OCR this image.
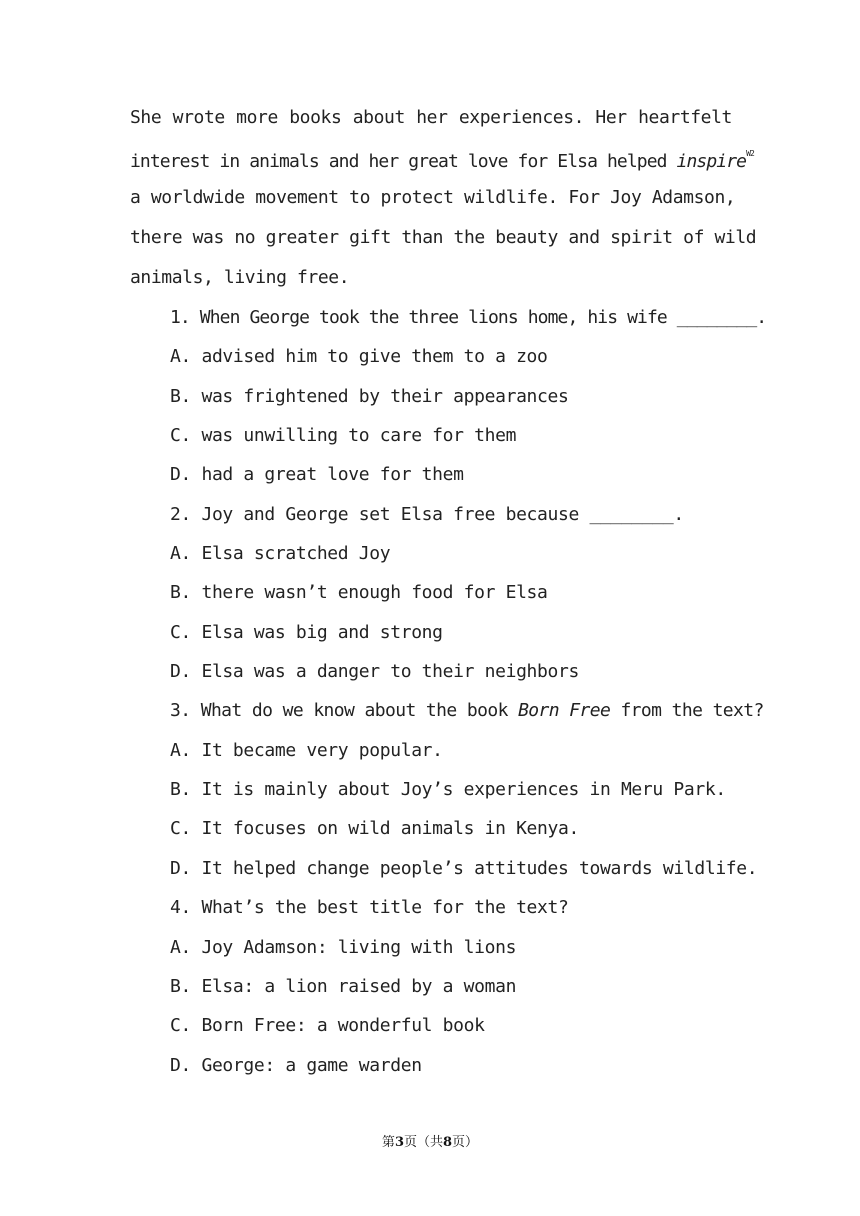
She wrote more books about her experiences. Her heartfelt
interest in animals and her great love for Elsa helped inspire$^{W2}$
a worldwide movement to protect wildlife. For Joy Adamson,
there was no greater gift than the beauty and spirit of wild
animals, living free.
1. When George took the three lions home, his wife ________.
A. advised him to give them to a zoo
B. was frightened by their appearances
C. was unwilling to care for them
D. had a great love for them
2. Joy and George set Elsa free because ________.
A. Elsa scratched Joy
B. there wasn’t enough food for Elsa
C. Elsa was big and strong
D. Elsa was a danger to their neighbors
3. What do we know about the book Born Free from the text?
A. It became very popular.
B. It is mainly about Joy’s experiences in Meru Park.
C. It focuses on wild animals in Kenya.
D. It helped change people’s attitudes towards wildlife.
4. What’s the best title for the text?
A. Joy Adamson: living with lions
B. Elsa: a lion raised by a woman
C. Born Free: a wonderful book
D. George: a game warden
第3页（共8页）
